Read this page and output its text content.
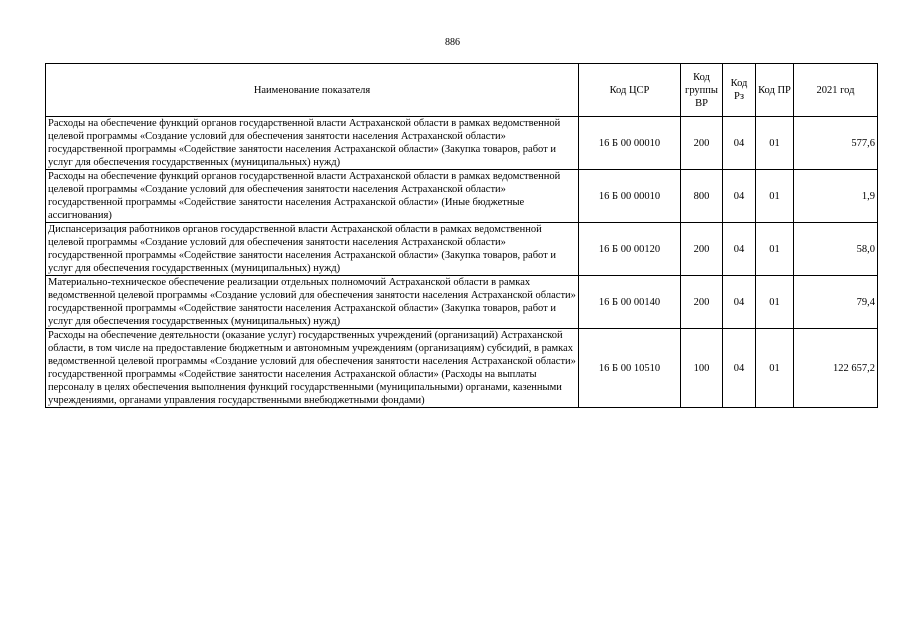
886
Наименование показателя	Код ЦСР	Код группы ВР	Код Рз	Код ПР	2021 год
Расходы на обеспечение функций органов государственной власти Астраханской области в рамках ведомственной целевой программы «Создание условий для обеспечения занятости населения Астраханской области» государственной программы «Содействие занятости населения Астраханской области» (Закупка товаров, работ и услуг для обеспечения государственных (муниципальных) нужд)	16 Б 00 00010	200	04	01	577,6
Расходы на обеспечение функций органов государственной власти Астраханской области в рамках ведомственной целевой программы «Создание условий для обеспечения занятости населения Астраханской области» государственной программы «Содействие занятости населения Астраханской области» (Иные бюджетные ассигнования)	16 Б 00 00010	800	04	01	1,9
Диспансеризация работников органов государственной власти Астраханской области в рамках ведомственной целевой программы «Создание условий для обеспечения занятости населения Астраханской области» государственной программы «Содействие занятости населения Астраханской области» (Закупка товаров, работ и услуг для обеспечения государственных (муниципальных) нужд)	16 Б 00 00120	200	04	01	58,0
Материально-техническое обеспечение реализации отдельных полномочий Астраханской области в рамках ведомственной целевой программы «Создание условий для обеспечения занятости населения Астраханской области» государственной программы «Содействие занятости населения Астраханской области» (Закупка товаров, работ и услуг для обеспечения государственных (муниципальных) нужд)	16 Б 00 00140	200	04	01	79,4
Расходы на обеспечение деятельности (оказание услуг) государственных учреждений (организаций) Астраханской области, в том числе на предоставление бюджетным и автономным учреждениям (организациям) субсидий, в рамках ведомственной целевой программы «Создание условий для обеспечения занятости населения Астраханской области» государственной программы «Содействие занятости населения Астраханской области» (Расходы на выплаты персоналу в целях обеспечения выполнения функций государственными (муниципальными) органами, казенными учреждениями, органами управления государственными внебюджетными фондами)	16 Б 00 10510	100	04	01	122 657,2
